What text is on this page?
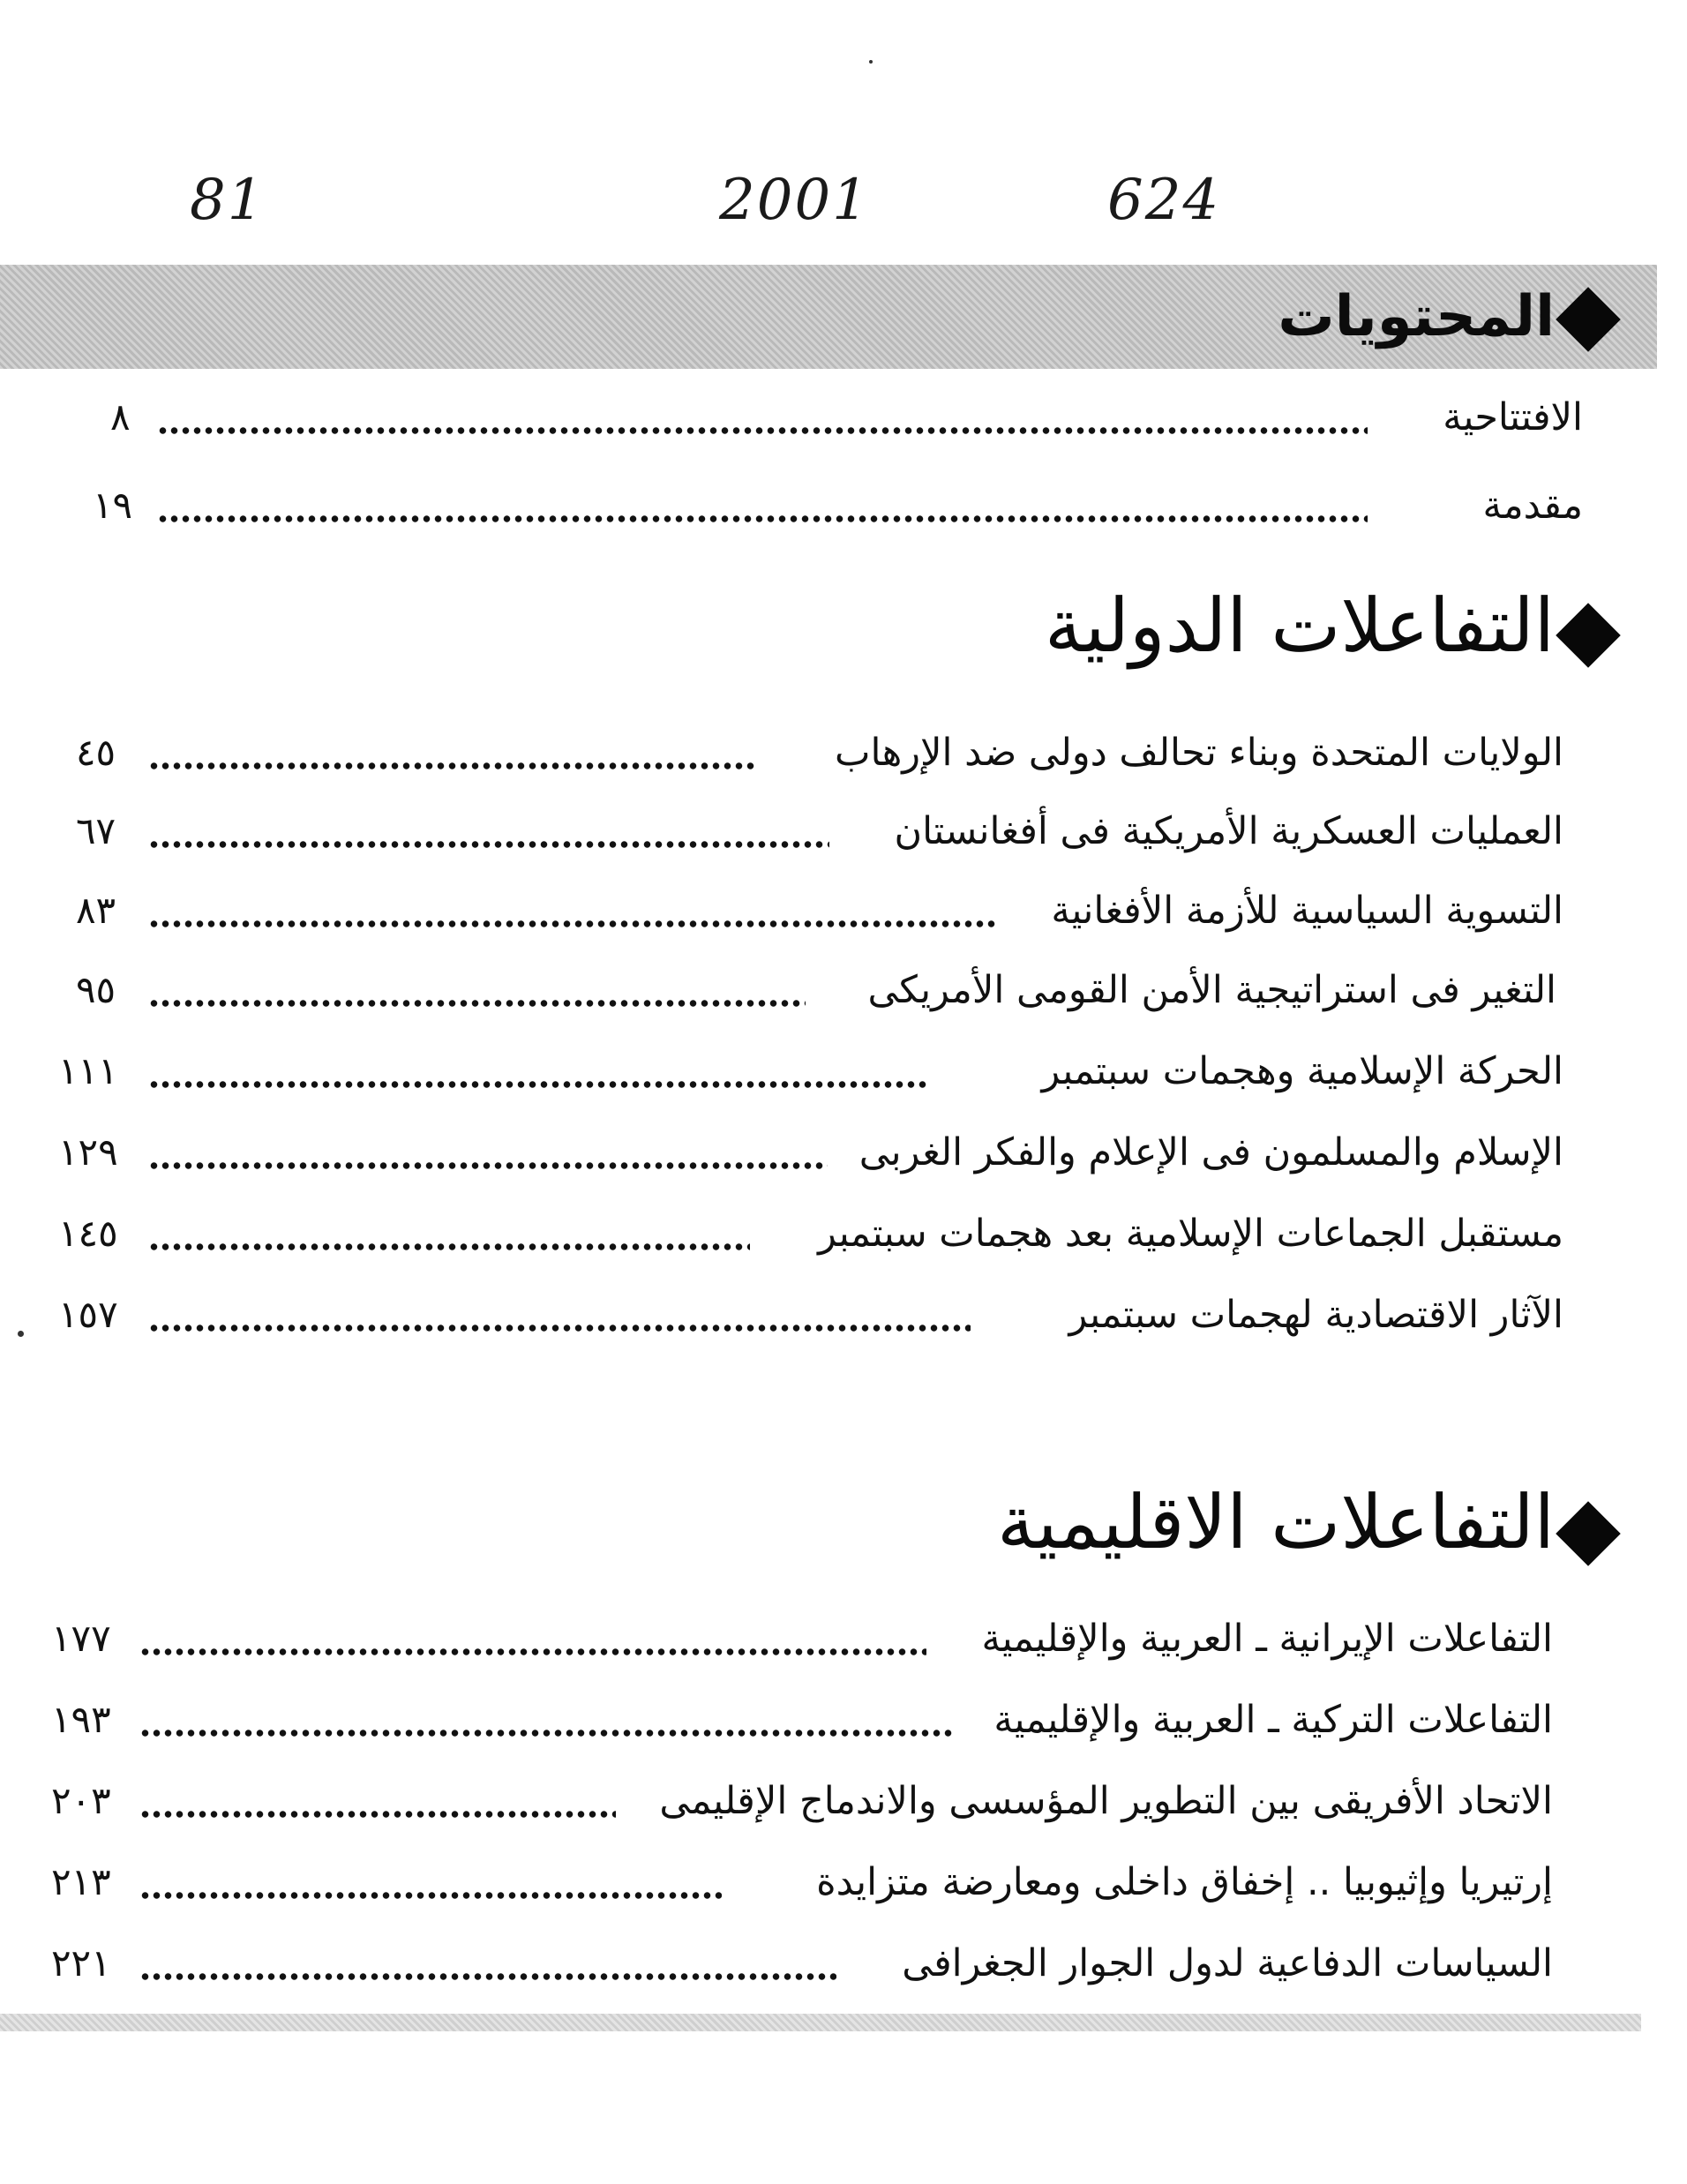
81	2001	624
المحتويات
الافتتاحية
٨
مقدمة
١٩
التفاعلات الدولية
الولايات المتحدة وبناء تحالف دولى ضد الإرهاب
٤٥
العمليات العسكرية الأمريكية فى أفغانستان
٦٧
التسوية السياسية للأزمة الأفغانية
٨٣
التغير فى استراتيجية الأمن القومى الأمريكى
٩٥
الحركة الإسلامية وهجمات سبتمبر
١١١
الإسلام والمسلمون فى الإعلام والفكر الغربى
١٢٩
مستقبل الجماعات الإسلامية بعد هجمات سبتمبر
١٤٥
الآثار الاقتصادية لهجمات سبتمبر
١٥٧
التفاعلات الاقليمية
التفاعلات الإيرانية ـ العربية والإقليمية
١٧٧
التفاعلات التركية ـ العربية والإقليمية
١٩٣
الاتحاد الأفريقى بين التطوير المؤسسى والاندماج الإقليمى
٢٠٣
إرتيريا وإثيوبيا .. إخفاق داخلى ومعارضة متزايدة
٢١٣
السياسات الدفاعية لدول الجوار الجغرافى
٢٢١
